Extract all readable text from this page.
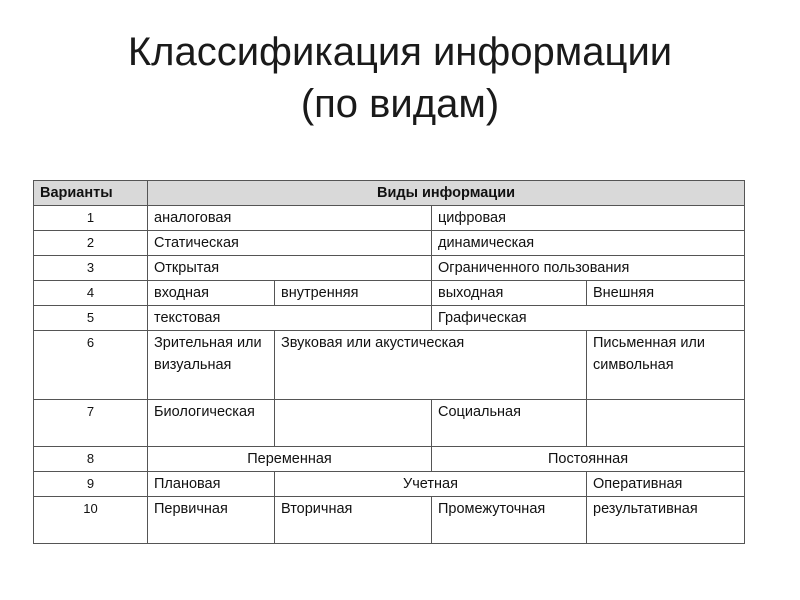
Классификация информации
(по видам)
Варианты	Виды информации			
1	аналоговая		цифровая	
2	Статическая		динамическая	
3	Открытая		Ограниченного пользования	
4	входная	внутренняя	выходная	Внешняя
5	текстовая		Графическая	
6	Зрительная или визуальная	Звуковая или акустическая		Письменная или символьная
7	Биологическая		Социальная	
8	Переменная		Постоянная	
9	Плановая	Учетная		Оперативная
10	Первичная	Вторичная	Промежуточная	результативная
